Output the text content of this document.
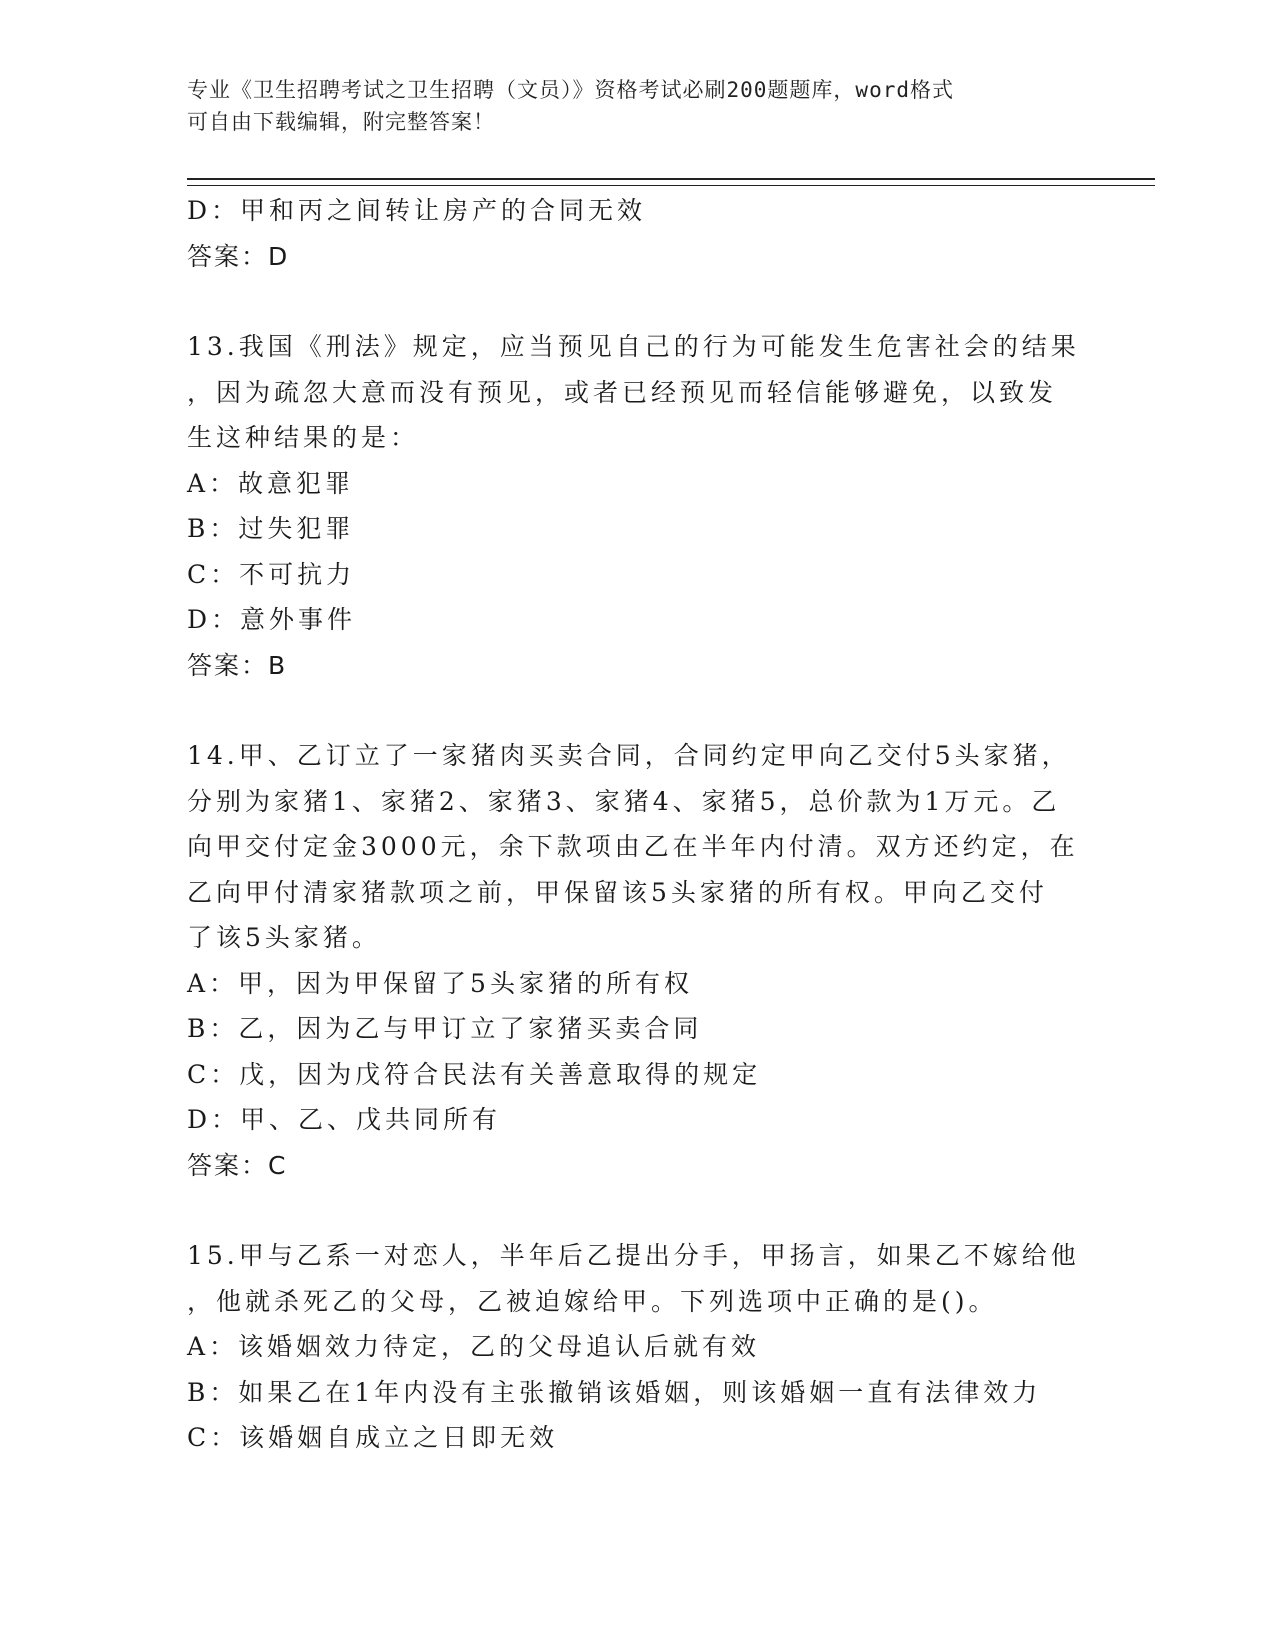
专业《卫生招聘考试之卫生招聘（文员）》资格考试必刷200题题库，word格式
可自由下载编辑，附完整答案！
D：甲和丙之间转让房产的合同无效
答案：D
13.我国《刑法》规定，应当预见自己的行为可能发生危害社会的结果
，因为疏忽大意而没有预见，或者已经预见而轻信能够避免，以致发
生这种结果的是：
A：故意犯罪
B：过失犯罪
C：不可抗力
D：意外事件
答案：B
14.甲、乙订立了一家猪肉买卖合同，合同约定甲向乙交付5头家猪，
分别为家猪1、家猪2、家猪3、家猪4、家猪5，总价款为1万元。乙
向甲交付定金3000元，余下款项由乙在半年内付清。双方还约定，在
乙向甲付清家猪款项之前，甲保留该5头家猪的所有权。甲向乙交付
了该5头家猪。
A：甲，因为甲保留了5头家猪的所有权
B：乙，因为乙与甲订立了家猪买卖合同
C：戊，因为戊符合民法有关善意取得的规定
D：甲、乙、戊共同所有
答案：C
15.甲与乙系一对恋人，半年后乙提出分手，甲扬言，如果乙不嫁给他
，他就杀死乙的父母，乙被迫嫁给甲。下列选项中正确的是()。
A：该婚姻效力待定，乙的父母追认后就有效
B：如果乙在1年内没有主张撤销该婚姻，则该婚姻一直有法律效力
C：该婚姻自成立之日即无效
